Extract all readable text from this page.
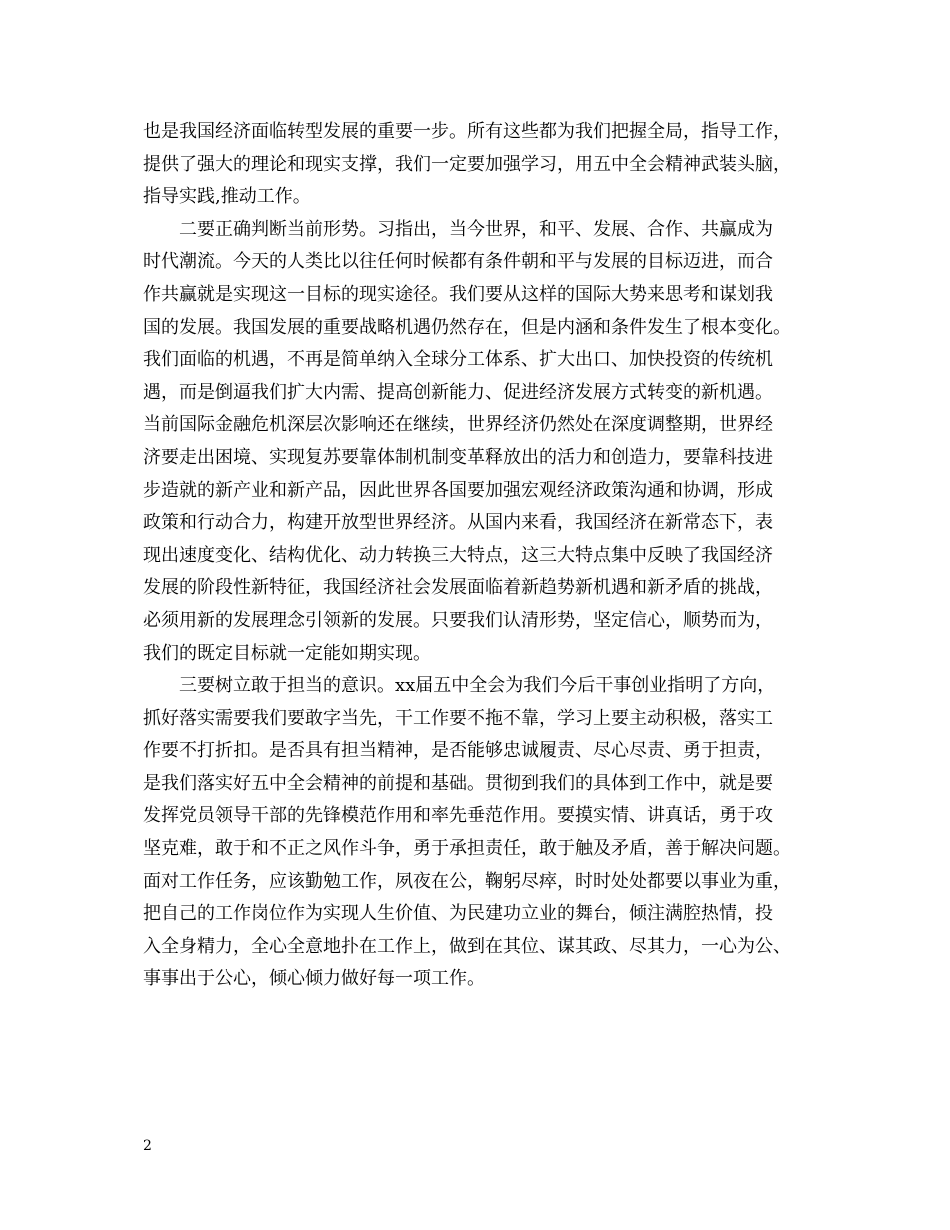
也是我国经济面临转型发展的重要一步。所有这些都为我们把握全局，指导工作，

提供了强大的理论和现实支撑，我们一定要加强学习，用五中全会精神武装头脑，

指导实践,推动工作。

二要正确判断当前形势。习指出，当今世界，和平、发展、合作、共赢成为

时代潮流。今天的人类比以往任何时候都有条件朝和平与发展的目标迈进，而合

作共赢就是实现这一目标的现实途径。我们要从这样的国际大势来思考和谋划我

国的发展。我国发展的重要战略机遇仍然存在，但是内涵和条件发生了根本变化。

我们面临的机遇，不再是简单纳入全球分工体系、扩大出口、加快投资的传统机

遇，而是倒逼我们扩大内需、提高创新能力、促进经济发展方式转变的新机遇。

当前国际金融危机深层次影响还在继续，世界经济仍然处在深度调整期，世界经

济要走出困境、实现复苏要靠体制机制变革释放出的活力和创造力，要靠科技进

步造就的新产业和新产品，因此世界各国要加强宏观经济政策沟通和协调，形成

政策和行动合力，构建开放型世界经济。从国内来看，我国经济在新常态下，表

现出速度变化、结构优化、动力转换三大特点，这三大特点集中反映了我国经济

发展的阶段性新特征，我国经济社会发展面临着新趋势新机遇和新矛盾的挑战，

必须用新的发展理念引领新的发展。只要我们认清形势，坚定信心，顺势而为，

我们的既定目标就一定能如期实现。

三要树立敢于担当的意识。xx届五中全会为我们今后干事创业指明了方向，

抓好落实需要我们要敢字当先，干工作要不拖不靠，学习上要主动积极，落实工

作要不打折扣。是否具有担当精神，是否能够忠诚履责、尽心尽责、勇于担责，

是我们落实好五中全会精神的前提和基础。贯彻到我们的具体到工作中，就是要

发挥党员领导干部的先锋模范作用和率先垂范作用。要摸实情、讲真话，勇于攻

坚克难，敢于和不正之风作斗争，勇于承担责任，敢于触及矛盾，善于解决问题。

面对工作任务，应该勤勉工作，夙夜在公，鞠躬尽瘁，时时处处都要以事业为重，

把自己的工作岗位作为实现人生价值、为民建功立业的舞台，倾注满腔热情，投

入全身精力，全心全意地扑在工作上，做到在其位、谋其政、尽其力，一心为公、

事事出于公心，倾心倾力做好每一项工作。

2
